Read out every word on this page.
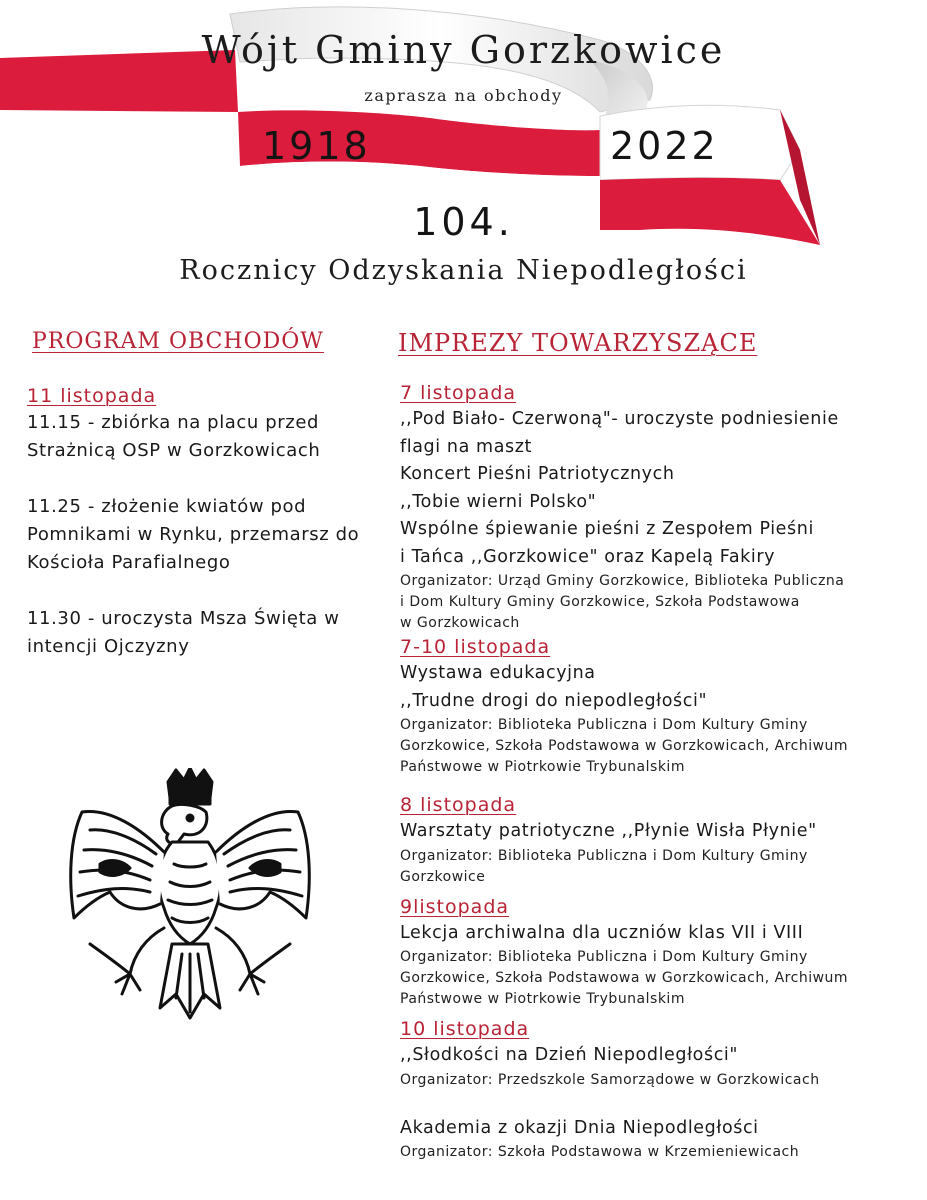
Wójt Gminy Gorzkowice
zaprasza na obchody
1918	2022
104.
Rocznicy Odzyskania Niepodległości
PROGRAM OBCHODÓW	IMPREZY TOWARZYSZĄCE
11 listopada

11.15 - zbiórka na placu przed Strażnicą OSP w Gorzkowicach

11.25 - złożenie kwiatów pod Pomnikami w Rynku, przemarsz do Kościoła Parafialnego

11.30 - uroczysta Msza Święta w intencji Ojczyzny

7 listopada
,,Pod Biało- Czerwoną"- uroczyste podniesienie
flagi na maszt
Koncert Pieśni Patriotycznych
,,Tobie wierni Polsko"
Wspólne śpiewanie pieśni z Zespołem Pieśni
i Tańca ,,Gorzkowice" oraz Kapelą Fakiry
Organizator: Urząd Gminy Gorzkowice, Biblioteka Publiczna
i Dom Kultury Gminy Gorzkowice, Szkoła Podstawowa
w Gorzkowicach
7-10 listopada
Wystawa edukacyjna
,,Trudne drogi do niepodległości"
Organizator: Biblioteka Publiczna i Dom Kultury Gminy
Gorzkowice, Szkoła Podstawowa w Gorzkowicach, Archiwum
Państwowe w Piotrkowie Trybunalskim
8 listopada
Warsztaty patriotyczne ,,Płynie Wisła Płynie"
Organizator: Biblioteka Publiczna i Dom Kultury Gminy
Gorzkowice
9listopada
Lekcja archiwalna dla uczniów klas VII i VIII
Organizator: Biblioteka Publiczna i Dom Kultury Gminy
Gorzkowice, Szkoła Podstawowa w Gorzkowicach, Archiwum
Państwowe w Piotrkowie Trybunalskim
10 listopada
,,Słodkości na Dzień Niepodległości"
Organizator: Przedszkole Samorządowe w Gorzkowicach
Akademia z okazji Dnia Niepodległości
Organizator: Szkoła Podstawowa w Krzemieniewicach
